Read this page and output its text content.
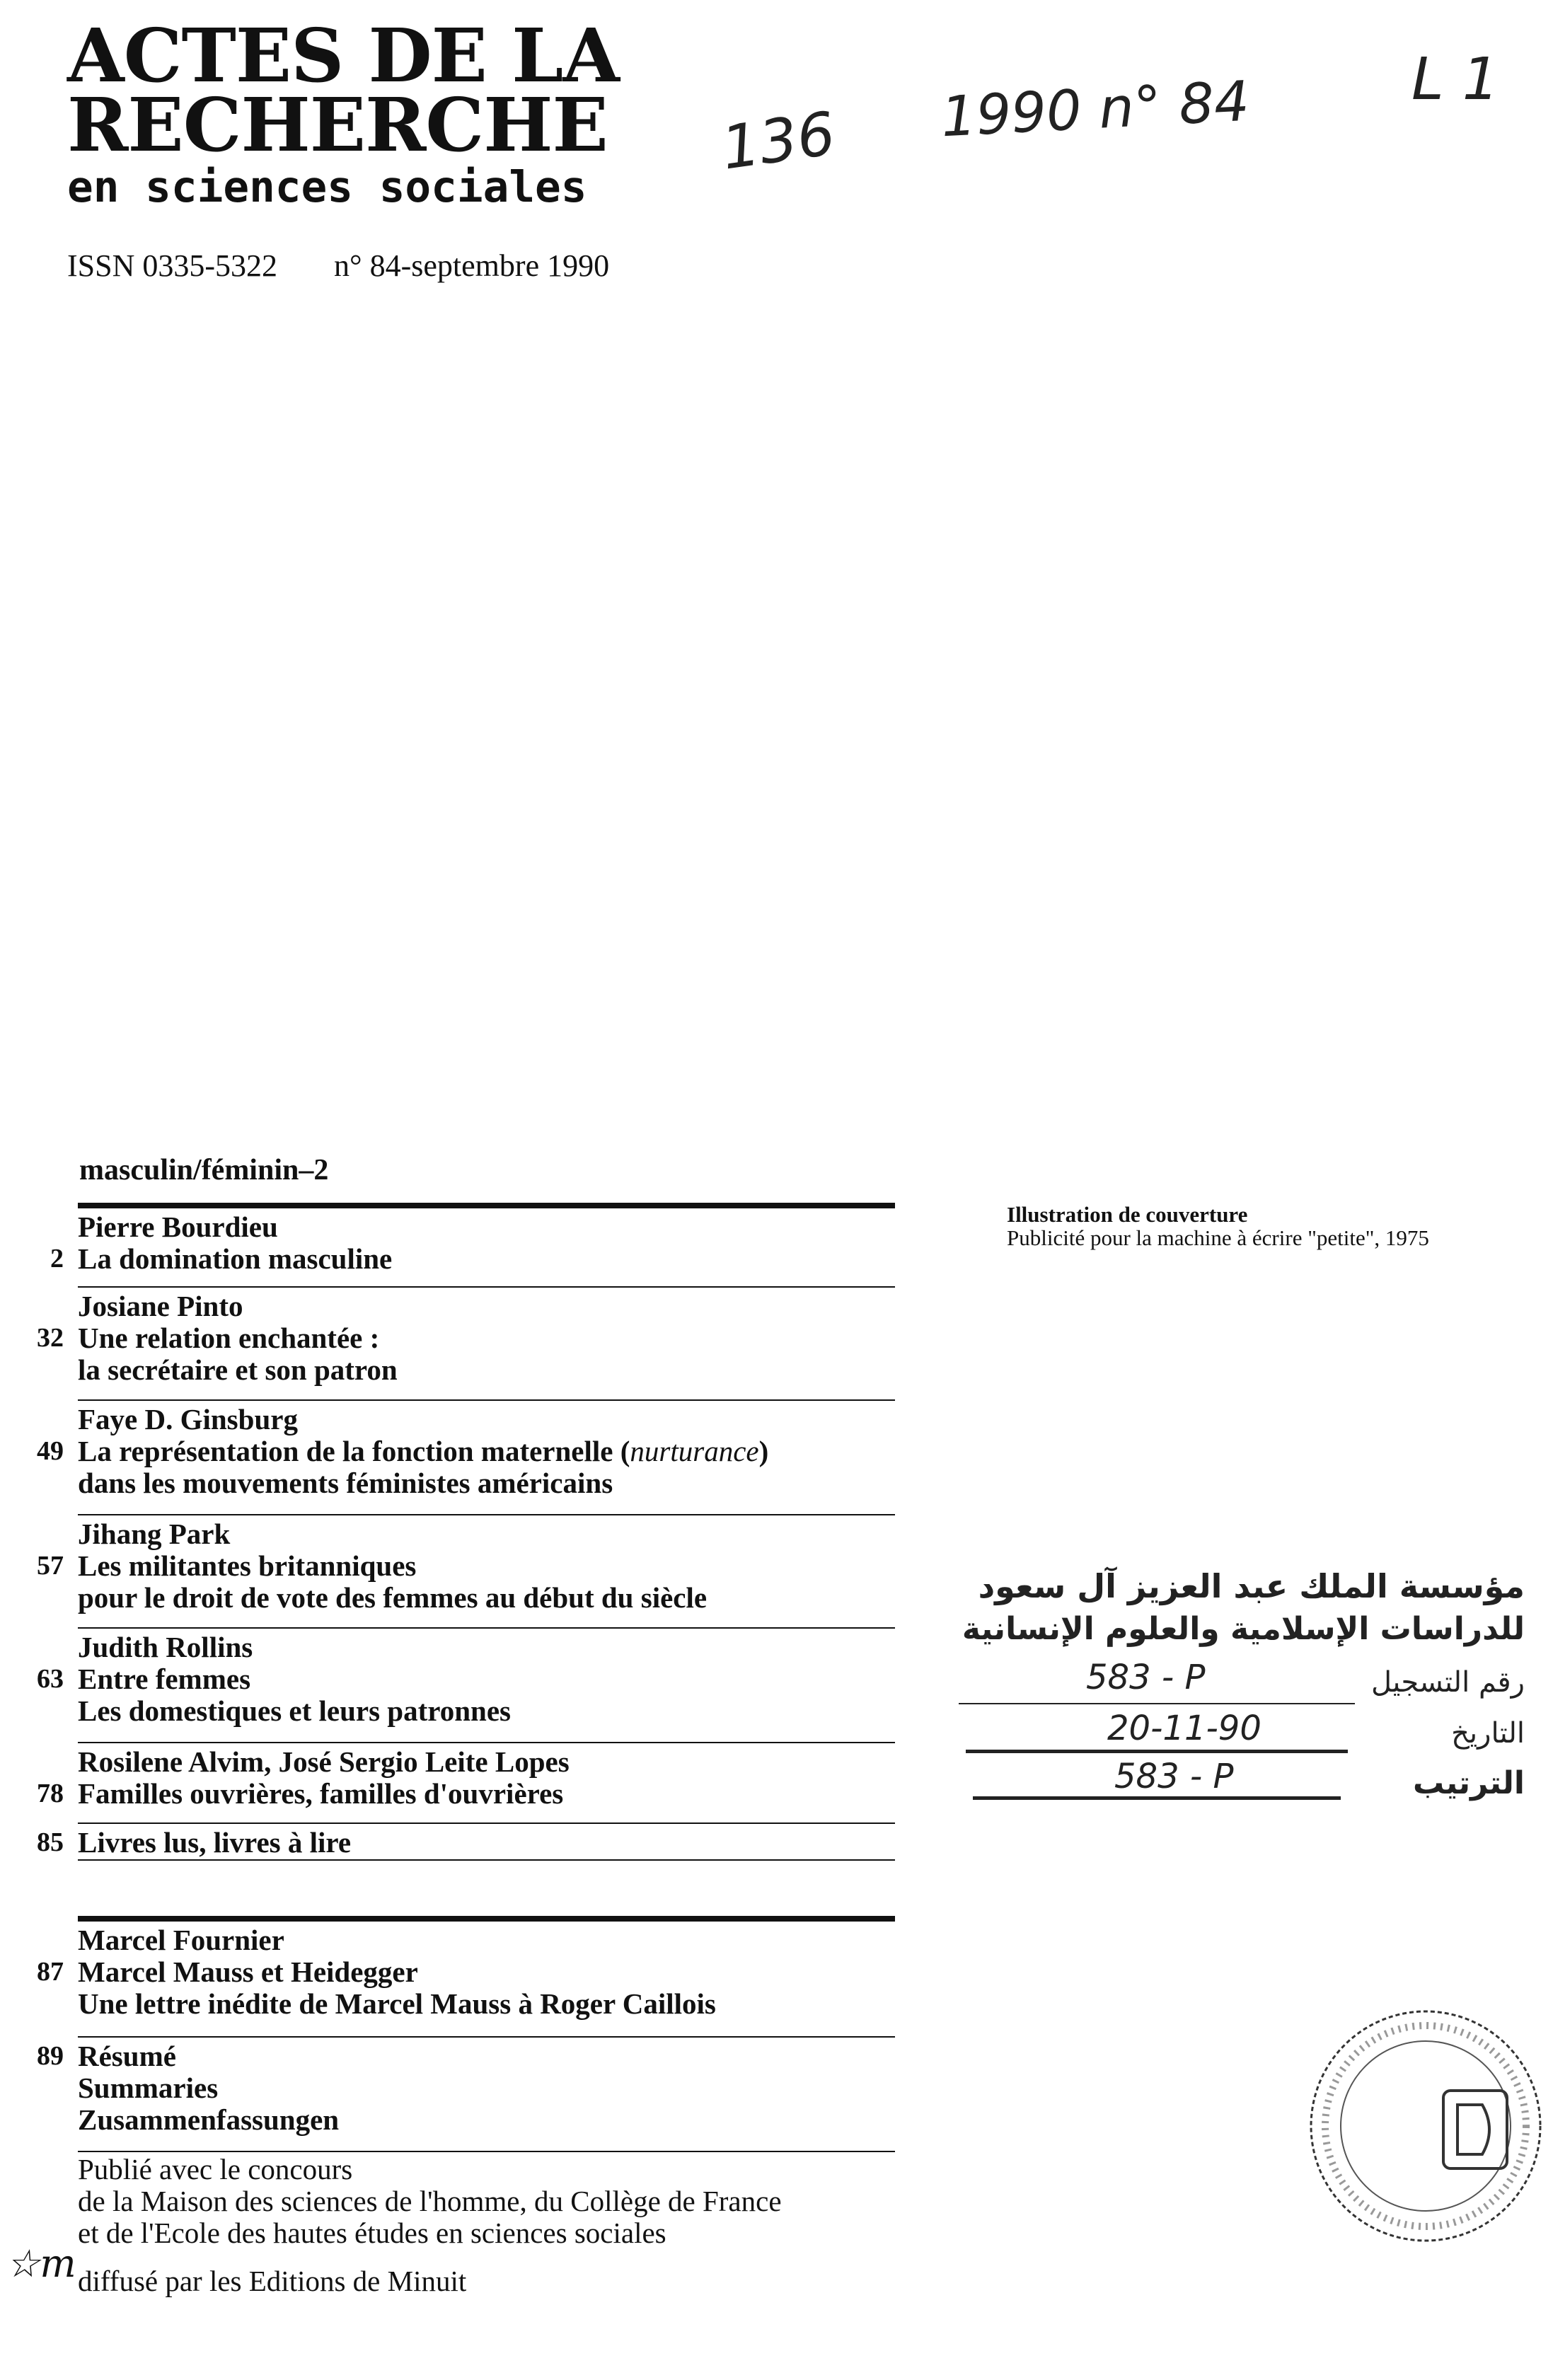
ACTES DE LA
RECHERCHE
en sciences sociales
ISSN 0335-5322 n° 84-septembre 1990
136 1990 n° 84	L 1
masculin/féminin–2
2
Pierre Bourdieu
La domination masculine
32
Josiane Pinto
Une relation enchantée :
la secrétaire et son patron
49
Faye D. Ginsburg
La représentation de la fonction maternelle (nurturance)
dans les mouvements féministes américains
57
Jihang Park
Les militantes britanniques
pour le droit de vote des femmes au début du siècle
63
Judith Rollins
Entre femmes
Les domestiques et leurs patronnes
78
Rosilene Alvim, José Sergio Leite Lopes
Familles ouvrières, familles d'ouvrières
85 Livres lus, livres à lire
87
Marcel Fournier
Marcel Mauss et Heidegger
Une lettre inédite de Marcel Mauss à Roger Caillois
89 Résumé
Summaries
Zusammenfassungen
Publié avec le concours
de la Maison des sciences de l'homme, du Collège de France
et de l'Ecole des hautes études en sciences sociales
☆m diffusé par les Editions de Minuit
Illustration de couverture
Publicité pour la machine à écrire "petite", 1975
مؤسسة الملك عبد العزيز آل سعود
للدراسات الإسلامية والعلوم الإنسانية
رقم التسجيل
583 - P
التاريخ
20-11-90
الترتيب
583 - P
